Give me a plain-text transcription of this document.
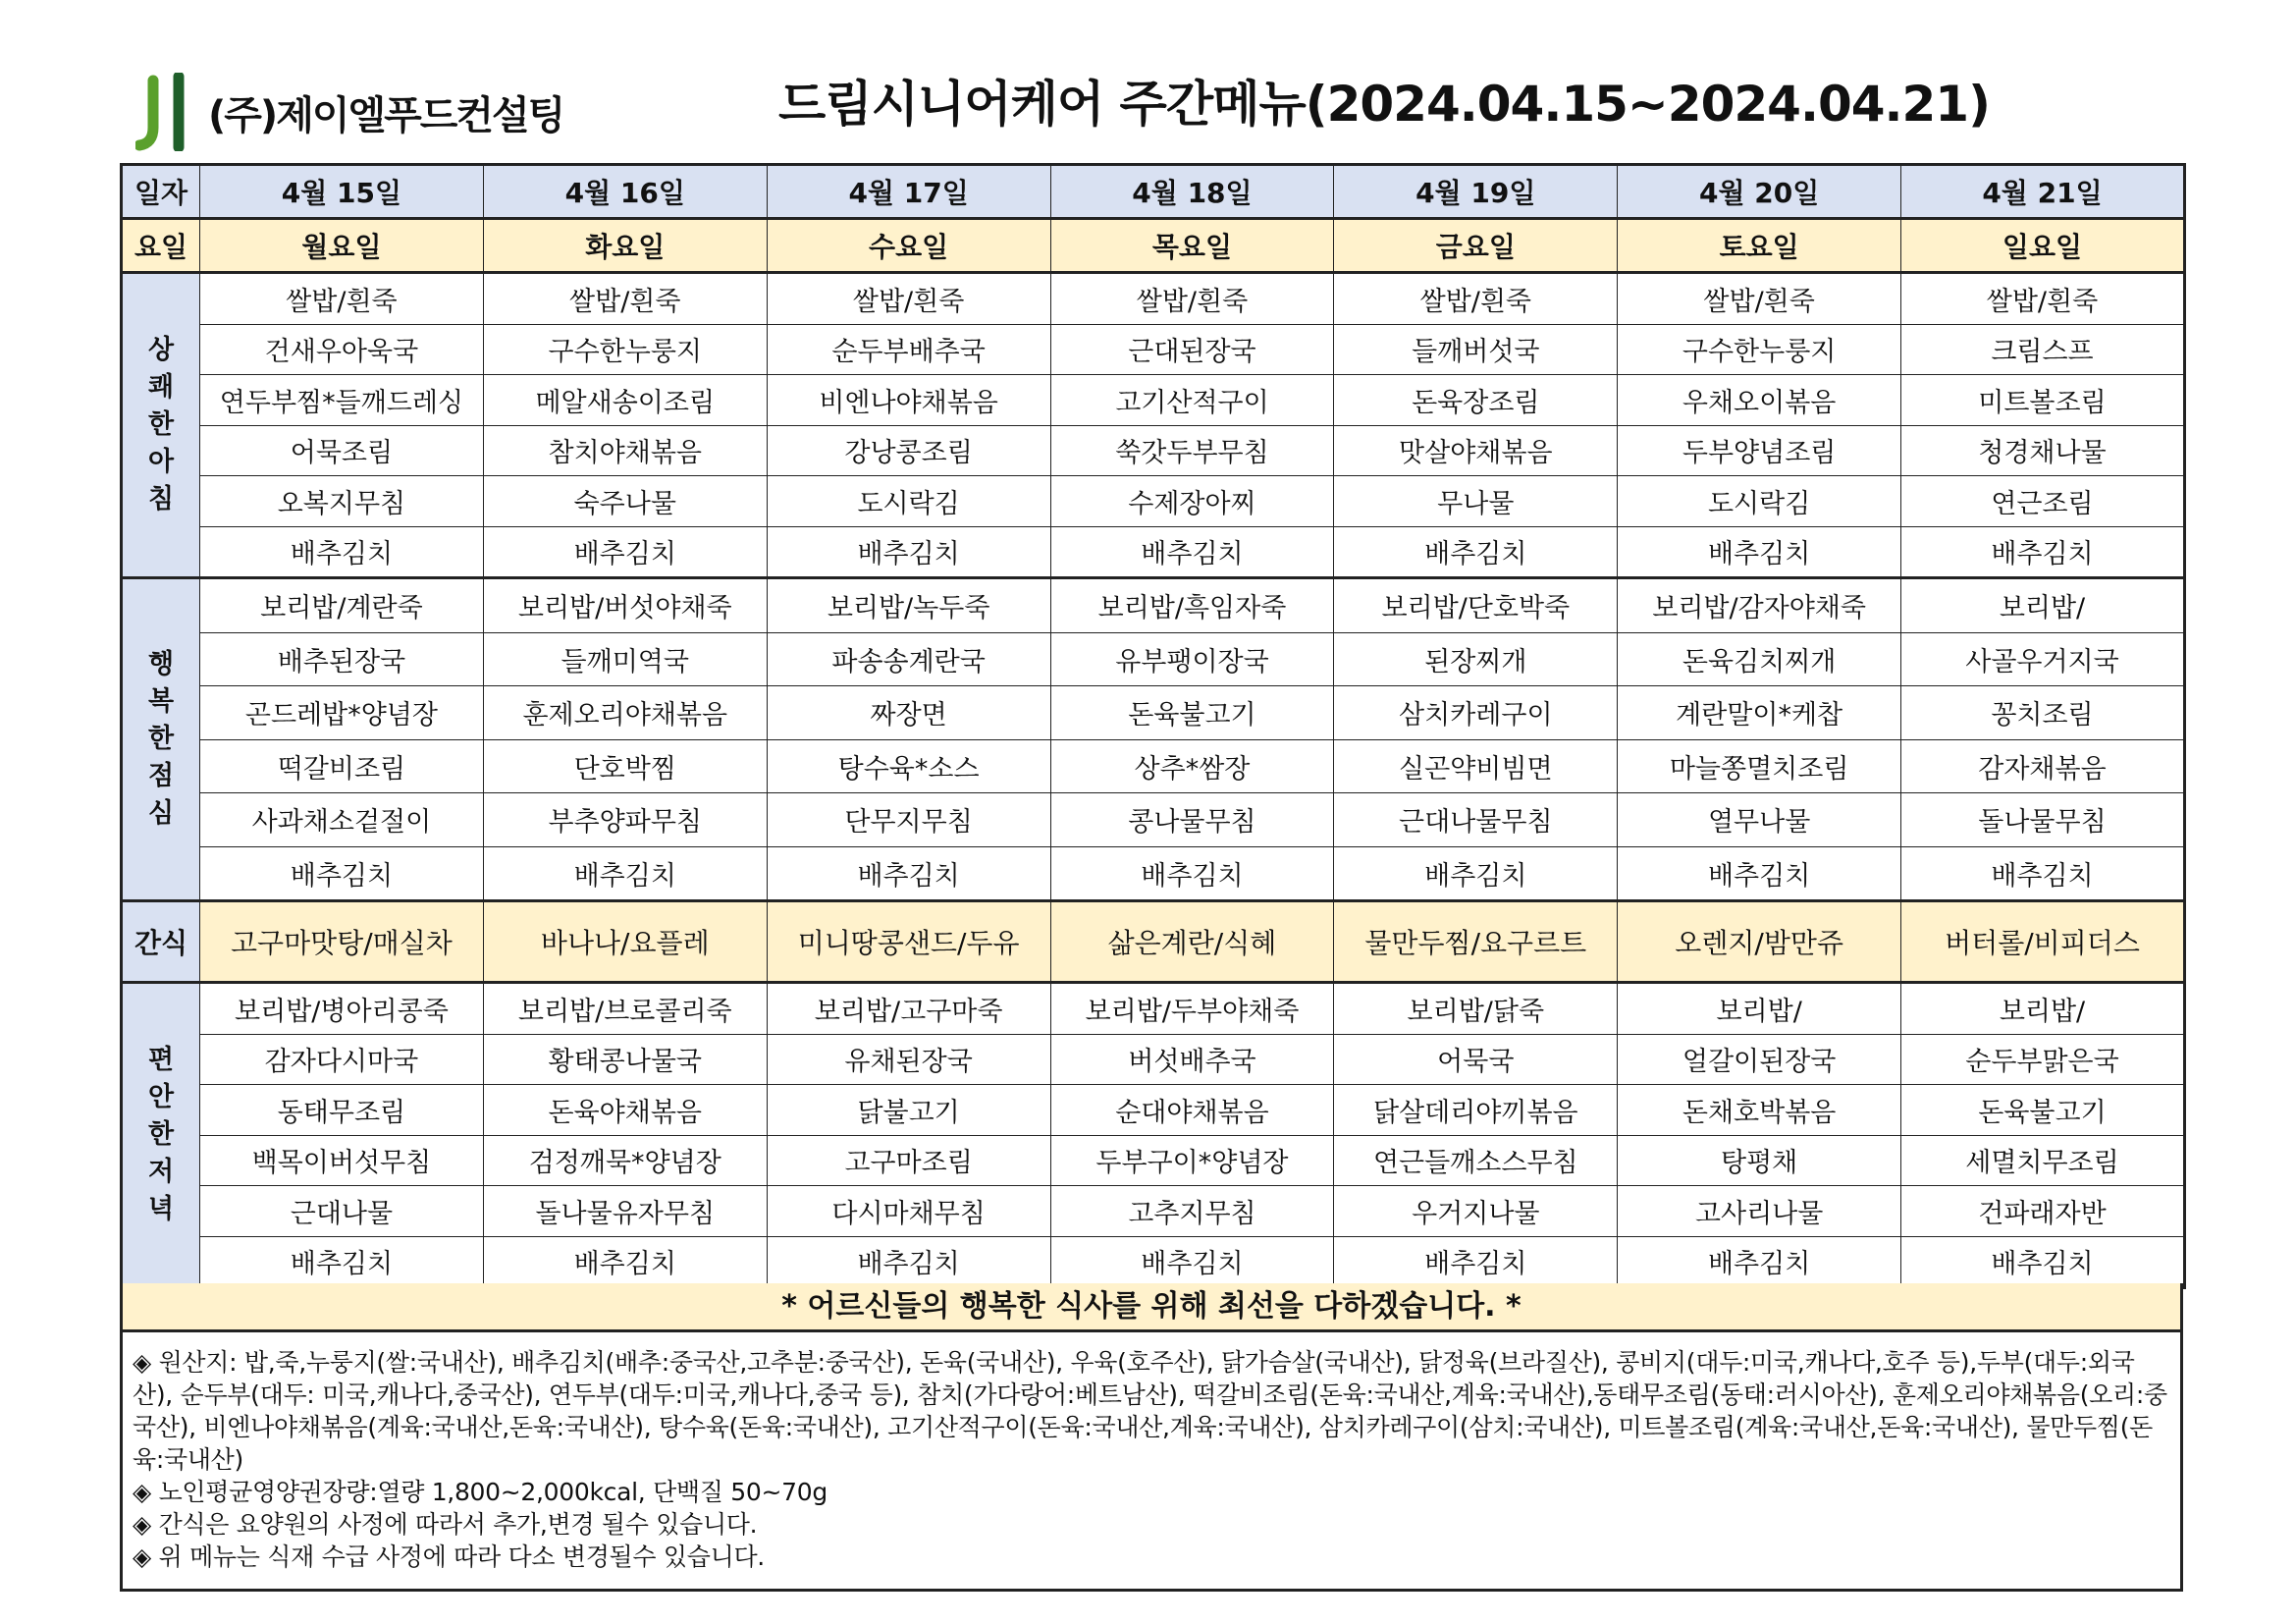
(주)제이엘푸드컨설팅	드림시니어케어 주간메뉴(2024.04.15~2024.04.21)
일자	4월 15일	4월 16일	4월 17일	4월 18일	4월 19일	4월 20일	4월 21일
요일	월요일	화요일	수요일	목요일	금요일	토요일	일요일

상
쾌
한
아
침	쌀밥/흰죽	쌀밥/흰죽	쌀밥/흰죽	쌀밥/흰죽	쌀밥/흰죽	쌀밥/흰죽	쌀밥/흰죽
	건새우아욱국	구수한누룽지	순두부배추국	근대된장국	들깨버섯국	구수한누룽지	크림스프
	연두부찜*들깨드레싱	메알새송이조림	비엔나야채볶음	고기산적구이	돈육장조림	우채오이볶음	미트볼조림
	어묵조림	참치야채볶음	강낭콩조림	쑥갓두부무침	맛살야채볶음	두부양념조림	청경채나물
	오복지무침	숙주나물	도시락김	수제장아찌	무나물	도시락김	연근조림
	배추김치	배추김치	배추김치	배추김치	배추김치	배추김치	배추김치

행
복
한
점
심	보리밥/계란죽	보리밥/버섯야채죽	보리밥/녹두죽	보리밥/흑임자죽	보리밥/단호박죽	보리밥/감자야채죽	보리밥/
	배추된장국	들깨미역국	파송송계란국	유부팽이장국	된장찌개	돈육김치찌개	사골우거지국
	곤드레밥*양념장	훈제오리야채볶음	짜장면	돈육불고기	삼치카레구이	계란말이*케찹	꽁치조림
	떡갈비조림	단호박찜	탕수육*소스	상추*쌈장	실곤약비빔면	마늘쫑멸치조림	감자채볶음
	사과채소겉절이	부추양파무침	단무지무침	콩나물무침	근대나물무침	열무나물	돌나물무침
	배추김치	배추김치	배추김치	배추김치	배추김치	배추김치	배추김치
간식	고구마맛탕/매실차	바나나/요플레	미니땅콩샌드/두유	삶은계란/식혜	물만두찜/요구르트	오렌지/밤만쥬	버터롤/비피더스

편
안
한
저
녁	보리밥/병아리콩죽	보리밥/브로콜리죽	보리밥/고구마죽	보리밥/두부야채죽	보리밥/닭죽	보리밥/	보리밥/
	감자다시마국	황태콩나물국	유채된장국	버섯배추국	어묵국	얼갈이된장국	순두부맑은국
	동태무조림	돈육야채볶음	닭불고기	순대야채볶음	닭살데리야끼볶음	돈채호박볶음	돈육불고기
	백목이버섯무침	검정깨묵*양념장	고구마조림	두부구이*양념장	연근들깨소스무침	탕평채	세멸치무조림
	근대나물	돌나물유자무침	다시마채무침	고추지무침	우거지나물	고사리나물	건파래자반
	배추김치	배추김치	배추김치	배추김치	배추김치	배추김치	배추김치
* 어르신들의 행복한 식사를 위해 최선을 다하겠습니다. *

◈ 원산지: 밥,죽,누룽지(쌀:국내산), 배추김치(배추:중국산,고추분:중국산), 돈육(국내산), 우육(호주산), 닭가슴살(국내산), 닭정육(브라질산), 콩비지(대두:미국,캐나다,호주 등),두부(대두:외국산), 순두부(대두: 미국,캐나다,중국산), 연두부(대두:미국,캐나다,중국 등), 참치(가다랑어:베트남산), 떡갈비조림(돈육:국내산,계육:국내산),동태무조림(동태:러시아산), 훈제오리야채볶음(오리:중국산), 비엔나야채볶음(계육:국내산,돈육:국내산), 탕수육(돈육:국내산), 고기산적구이(돈육:국내산,계육:국내산), 삼치카레구이(삼치:국내산), 미트볼조림(계육:국내산,돈육:국내산), 물만두찜(돈육:국내산)

◈ 노인평균영양권장량:열량 1,800~2,000kcal, 단백질 50~70g

◈ 간식은 요양원의 사정에 따라서 추가,변경 될수 있습니다.

◈ 위 메뉴는 식재 수급 사정에 따라 다소 변경될수 있습니다.
